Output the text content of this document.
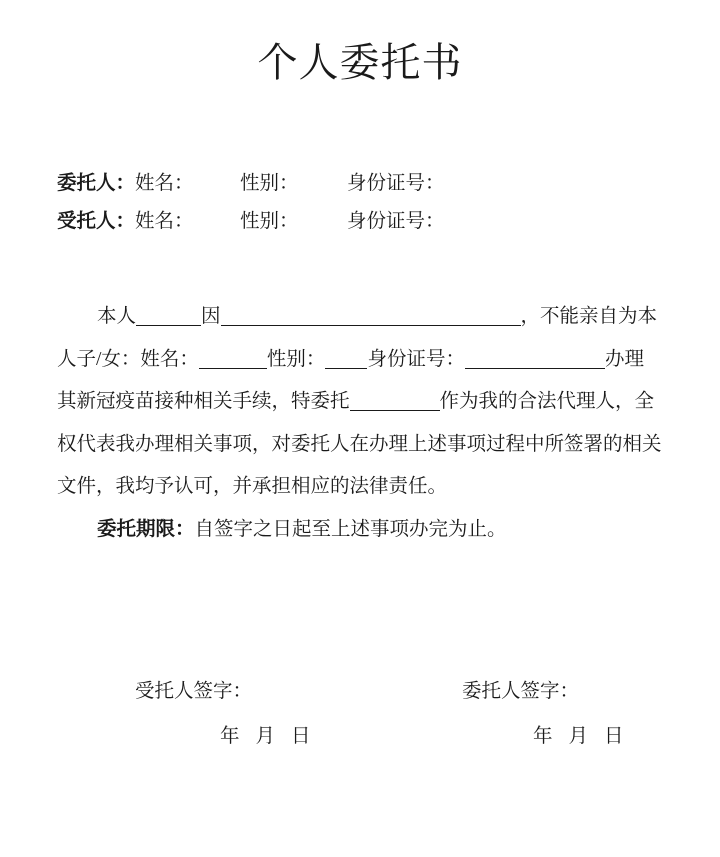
个人委托书
委托人：姓名： 性别： 身份证号：
受托人：姓名： 性别： 身份证号：
本人	因	，不能亲自为本
人子/女：姓名：	性别： 身份证号：	办理
其新冠疫苗接种相关手续，特委托	作为我的合法代理人，全
权代表我办理相关事项，对委托人在办理上述事项过程中所签署的相关
文件，我均予认可，并承担相应的法律责任。
委托期限：自签字之日起至上述事项办完为止。
受托人签字：	委托人签字：
年 月 日	年 月 日
